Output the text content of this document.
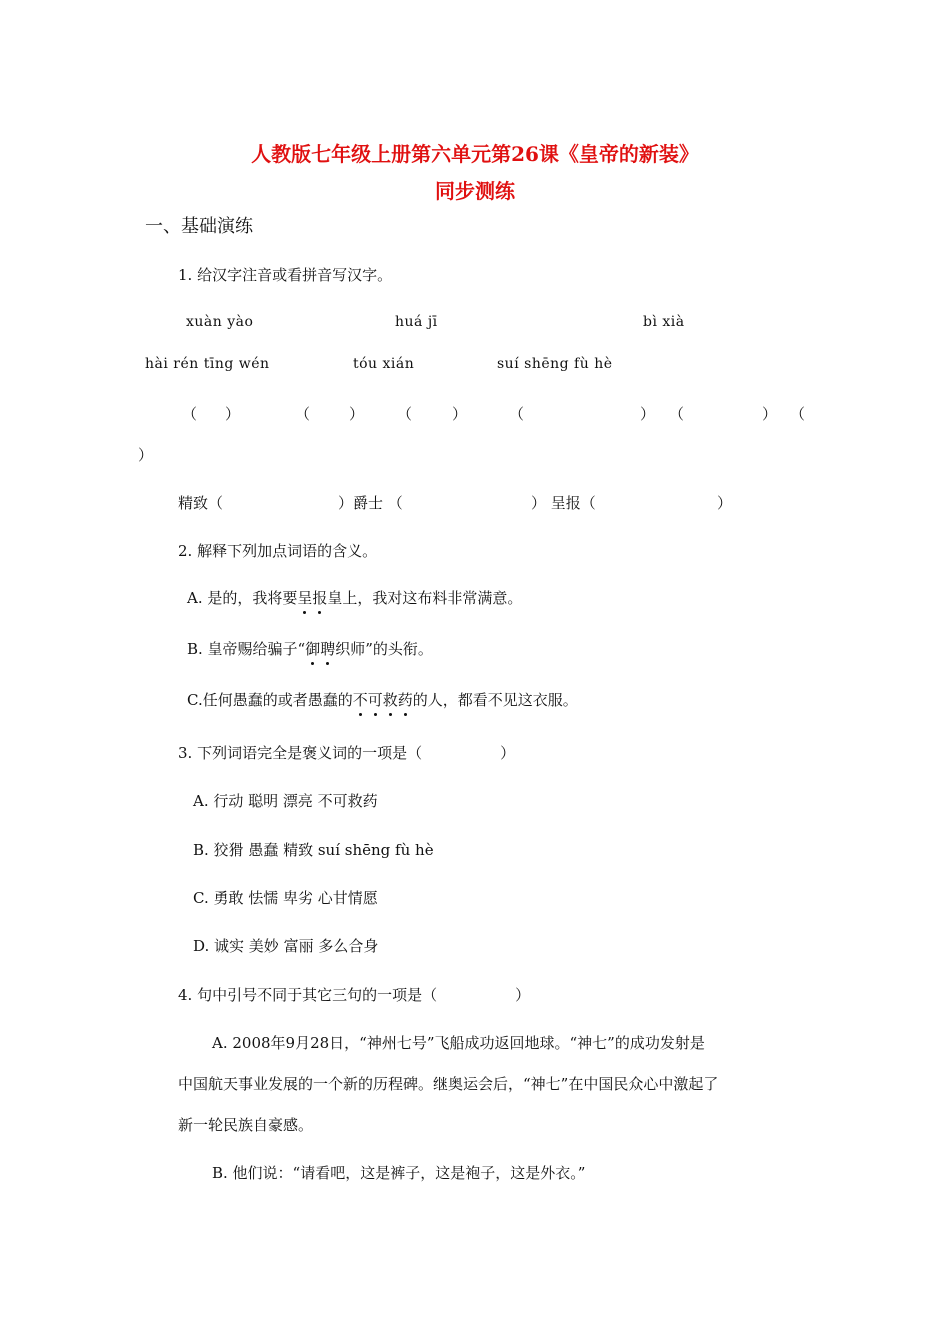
人教版七年级上册第六单元第26课《皇帝的新装》
同步测练
一、基础演练
1. 给汉字注音或看拼音写汉字。
xuàn yào	huá jī	bì xià
hài rén tīng wén	tóu xián	suí shēng fù hè
（ ）	（	） （	）	（	） （	） （
）
精致（	）爵士 （	） 呈报（	）
2. 解释下列加点词语的含义。
A. 是的，我将要呈报皇上，我对这布料非常满意。
B. 皇帝赐给骗子“御聘织师”的头衔。
C.任何愚蠢的或者愚蠢的不可救药的人，都看不见这衣服。
3. 下列词语完全是褒义词的一项是（	）
A. 行动 聪明 漂亮 不可救药
B. 狡猾 愚蠢 精致 suí shēng fù hè
C. 勇敢 怯懦 卑劣 心甘情愿
D. 诚实 美妙 富丽 多么合身
4. 句中引号不同于其它三句的一项是（	）
A. 2008年9月28日，“神州七号”飞船成功返回地球。“神七”的成功发射是
中国航天事业发展的一个新的历程碑。继奥运会后，“神七”在中国民众心中激起了
新一轮民族自豪感。
B. 他们说：“请看吧，这是裤子，这是袍子，这是外衣。”
